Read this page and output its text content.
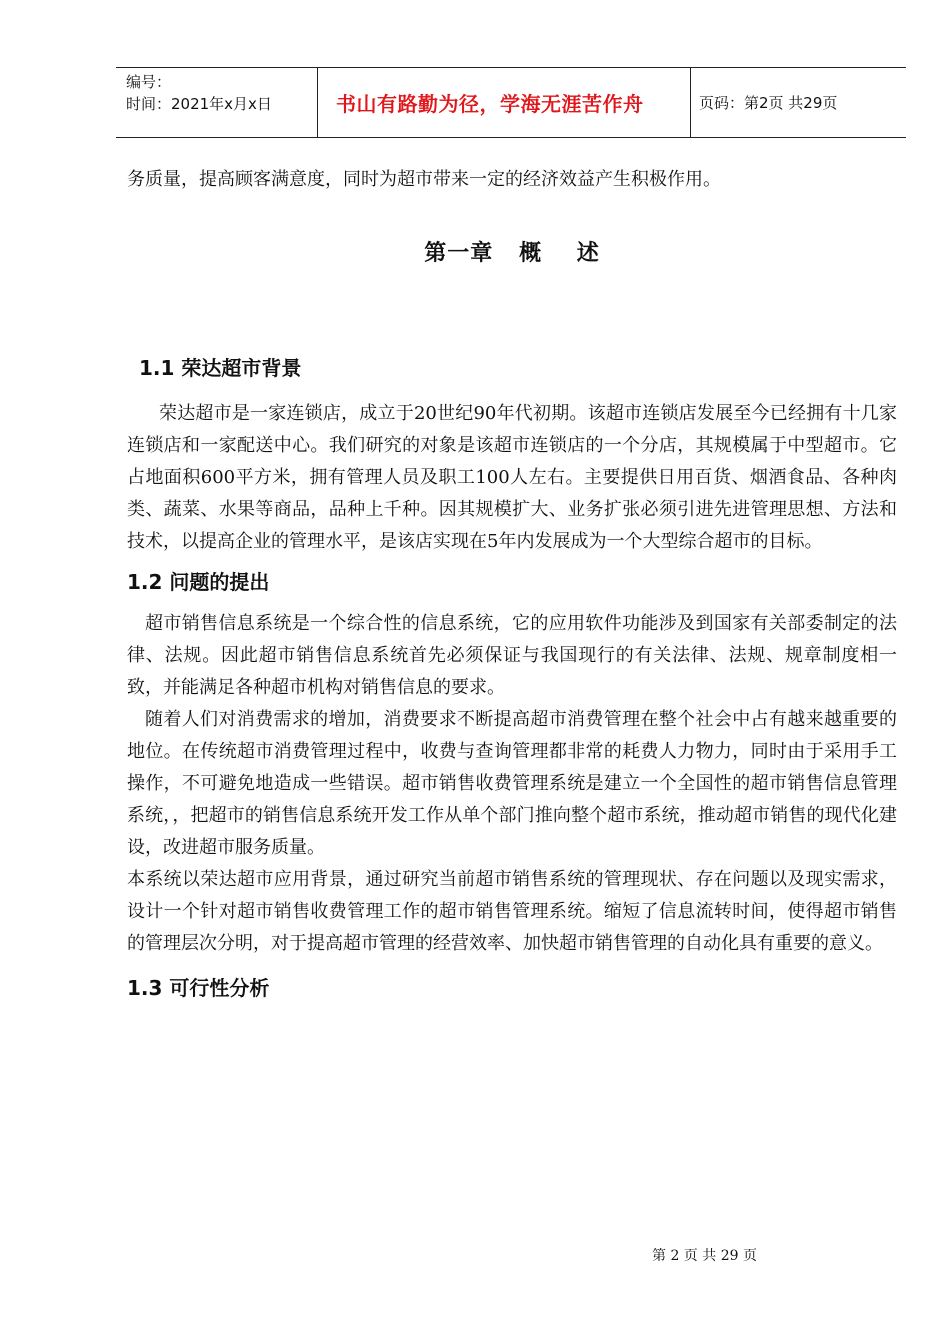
编号：
时间：2021年x月x日	书山有路勤为径，学海无涯苦作舟	页码：第2页 共29页

务质量，提高顾客满意度，同时为超市带来一定的经济效益产生积极作用。

第一章   概    述

1.1 荣达超市背景

荣达超市是一家连锁店，成立于20世纪90年代初期。该超市连锁店发展至今已经拥有十几家连锁店和一家配送中心。我们研究的对象是该超市连锁店的一个分店，其规模属于中型超市。它占地面积600平方米，拥有管理人员及职工100人左右。主要提供日用百货、烟酒食品、各种肉类、蔬菜、水果等商品，品种上千种。因其规模扩大、业务扩张必须引进先进管理思想、方法和技术，以提高企业的管理水平，是该店实现在5年内发展成为一个大型综合超市的目标。

1.2 问题的提出

超市销售信息系统是一个综合性的信息系统，它的应用软件功能涉及到国家有关部委制定的法律、法规。因此超市销售信息系统首先必须保证与我国现行的有关法律、法规、规章制度相一致，并能满足各种超市机构对销售信息的要求。

随着人们对消费需求的增加，消费要求不断提高超市消费管理在整个社会中占有越来越重要的地位。在传统超市消费管理过程中，收费与查询管理都非常的耗费人力物力，同时由于采用手工操作，不可避免地造成一些错误。超市销售收费管理系统是建立一个全国性的超市销售信息管理系统，，把超市的销售信息系统开发工作从单个部门推向整个超市系统，推动超市销售的现代化建设，改进超市服务质量。

本系统以荣达超市应用背景，通过研究当前超市销售系统的管理现状、存在问题以及现实需求，设计一个针对超市销售收费管理工作的超市销售管理系统。缩短了信息流转时间，使得超市销售的管理层次分明，对于提高超市管理的经营效率、加快超市销售管理的自动化具有重要的意义。

1.3 可行性分析

第 2 页 共 29 页
